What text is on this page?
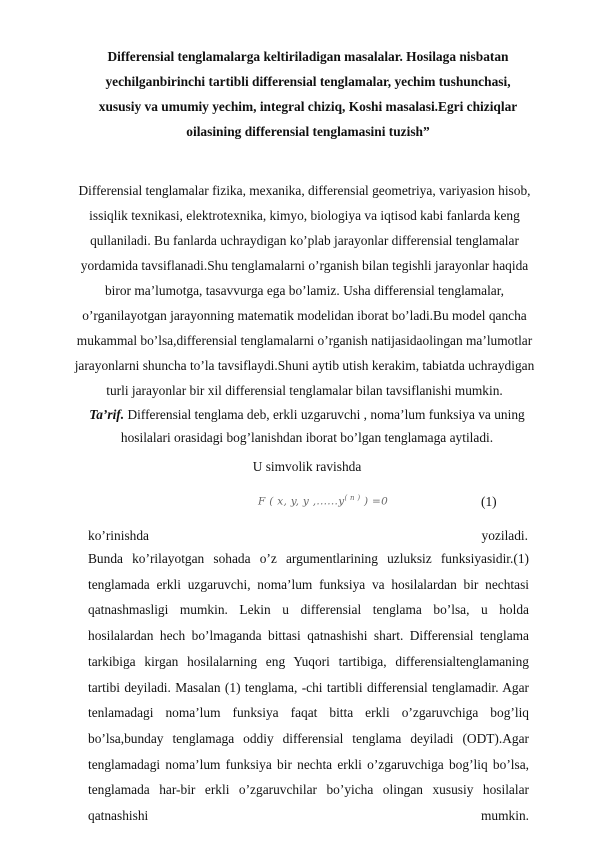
Differensial tenglamalarga keltiriladigan masalalar. Hosilaga nisbatan yechilganbirinchi tartibli differensial tenglamalar, yechim tushunchasi, xususiy va umumiy yechim, integral chiziq, Koshi masalasi.Egri chiziqlar oilasining differensial tenglamasini tuzish”
Differensial tenglamalar fizika, mexanika, differensial geometriya, variyasion hisob, issiqlik texnikasi, elektrotexnika, kimyo, biologiya va iqtisod kabi fanlarda keng qullaniladi. Bu fanlarda uchraydigan ko’plab jarayonlar differensial tenglamalar yordamida tavsiflanadi.Shu tenglamalarni o’rganish bilan tegishli jarayonlar haqida biror ma’lumotga, tasavvurga ega bo’lamiz. Usha differensial tenglamalar, o’rganilayotgan jarayonning matematik modelidan iborat bo’ladi.Bu model qancha mukammal bo’lsa,differensial tenglamalarni o’rganish natijasidaolingan ma’lumotlar jarayonlarni shuncha to’la tavsiflaydi.Shuni aytib utish kerakim, tabiatda uchraydigan turli jarayonlar bir xil differensial tenglamalar bilan tavsiflanishi mumkin.
Ta’rif. Differensial tenglama deb, erkli uzgaruvchi , noma’lum funksiya va uning hosilalari orasidagi bog’lanishdan iborat bo’lgan tenglamaga aytiladi.
U simvolik ravishda
F ( x, y, y $,......y^{( n )}$ ) =0	(1)
ko’rinishda	yoziladi.
Bunda ko’rilayotgan sohada o’z argumentlarining uzluksiz funksiyasidir.(1) tenglamada erkli uzgaruvchi, noma’lum funksiya va hosilalardan bir nechtasi qatnashmasligi mumkin. Lekin u differensial tenglama bo’lsa, u holda hosilalardan hech bo’lmaganda bittasi qatnashishi shart. Differensial tenglama tarkibiga kirgan hosilalarning eng Yuqori tartibiga, differensialtenglamaning tartibi deyiladi. Masalan (1) tenglama, -chi tartibli differensial tenglamadir. Agar tenlamadagi noma’lum funksiya faqat bitta erkli o’zgaruvchiga bog’liq bo’lsa,bunday tenglamaga oddiy differensial tenglama deyiladi (ODT).Agar tenglamadagi noma’lum funksiya bir nechta erkli o’zgaruvchiga bog’liq bo’lsa, tenglamada har-bir erkli o’zgaruvchilar bo’yicha olingan xususiy hosilalar qatnashishi mumkin.
